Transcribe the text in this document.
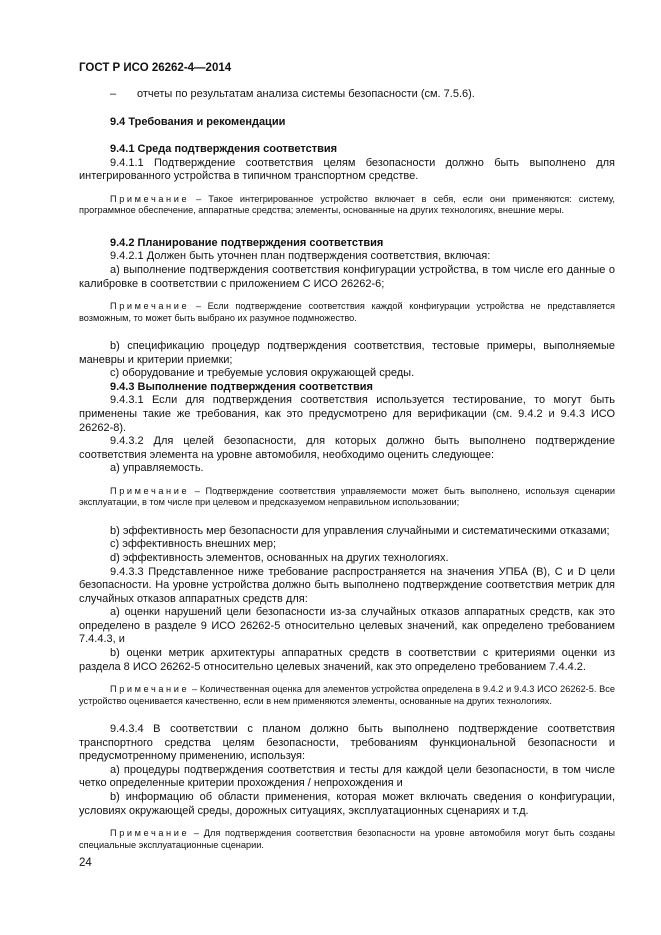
ГОСТ Р ИСО 26262-4—2014

– отчеты по результатам анализа системы безопасности (см. 7.5.6).

9.4 Требования и рекомендации

9.4.1 Среда подтверждения соответствия

9.4.1.1 Подтверждение соответствия целям безопасности должно быть выполнено для интегрированного устройства в типичном транспортном средстве.

Примечание – Такое интегрированное устройство включает в себя, если они применяются: систему, программное обеспечение, аппаратные средства; элементы, основанные на других технологиях, внешние меры.

9.4.2 Планирование подтверждения соответствия

9.4.2.1 Должен быть уточнен план подтверждения соответствия, включая:

a) выполнение подтверждения соответствия конфигурации устройства, в том числе его данные о калибровке в соответствии с приложением С ИСО 26262-6;

Примечание – Если подтверждение соответствия каждой конфигурации устройства не представляется возможным, то может быть выбрано их разумное подмножество.

b) спецификацию процедур подтверждения соответствия, тестовые примеры, выполняемые маневры и критерии приемки;

c) оборудование и требуемые условия окружающей среды.

9.4.3 Выполнение подтверждения соответствия

9.4.3.1 Если для подтверждения соответствия используется тестирование, то могут быть применены такие же требования, как это предусмотрено для верификации (см. 9.4.2 и 9.4.3 ИСО 26262-8).

9.4.3.2 Для целей безопасности, для которых должно быть выполнено подтверждение соответствия элемента на уровне автомобиля, необходимо оценить следующее:

a) управляемость.

Примечание – Подтверждение соответствия управляемости может быть выполнено, используя сценарии эксплуатации, в том числе при целевом и предсказуемом неправильном использовании;

b) эффективность мер безопасности для управления случайными и систематическими отказами;

c) эффективность внешних мер;

d) эффективность элементов, основанных на других технологиях.

9.4.3.3 Представленное ниже требование распространяется на значения УПБА (В), С и D цели безопасности. На уровне устройства должно быть выполнено подтверждение соответствия метрик для случайных отказов аппаратных средств для:

a) оценки нарушений цели безопасности из-за случайных отказов аппаратных средств, как это определено в разделе 9 ИСО 26262-5 относительно целевых значений, как определено требованием 7.4.4.3, и

b) оценки метрик архитектуры аппаратных средств в соответствии с критериями оценки из раздела 8 ИСО 26262-5 относительно целевых значений, как это определено требованием 7.4.4.2.

Примечание – Количественная оценка для элементов устройства определена в 9.4.2 и 9.4.3 ИСО 26262-5. Все устройство оценивается качественно, если в нем применяются элементы, основанные на других технологиях.

9.4.3.4 В соответствии с планом должно быть выполнено подтверждение соответствия транспортного средства целям безопасности, требованиям функциональной безопасности и предусмотренному применению, используя:

a) процедуры подтверждения соответствия и тесты для каждой цели безопасности, в том числе четко определенные критерии прохождения / непрохождения и

b) информацию об области применения, которая может включать сведения о конфигурации, условиях окружающей среды, дорожных ситуациях, эксплуатационных сценариях и т.д.

Примечание – Для подтверждения соответствия безопасности на уровне автомобиля могут быть созданы специальные эксплуатационные сценарии.

24
